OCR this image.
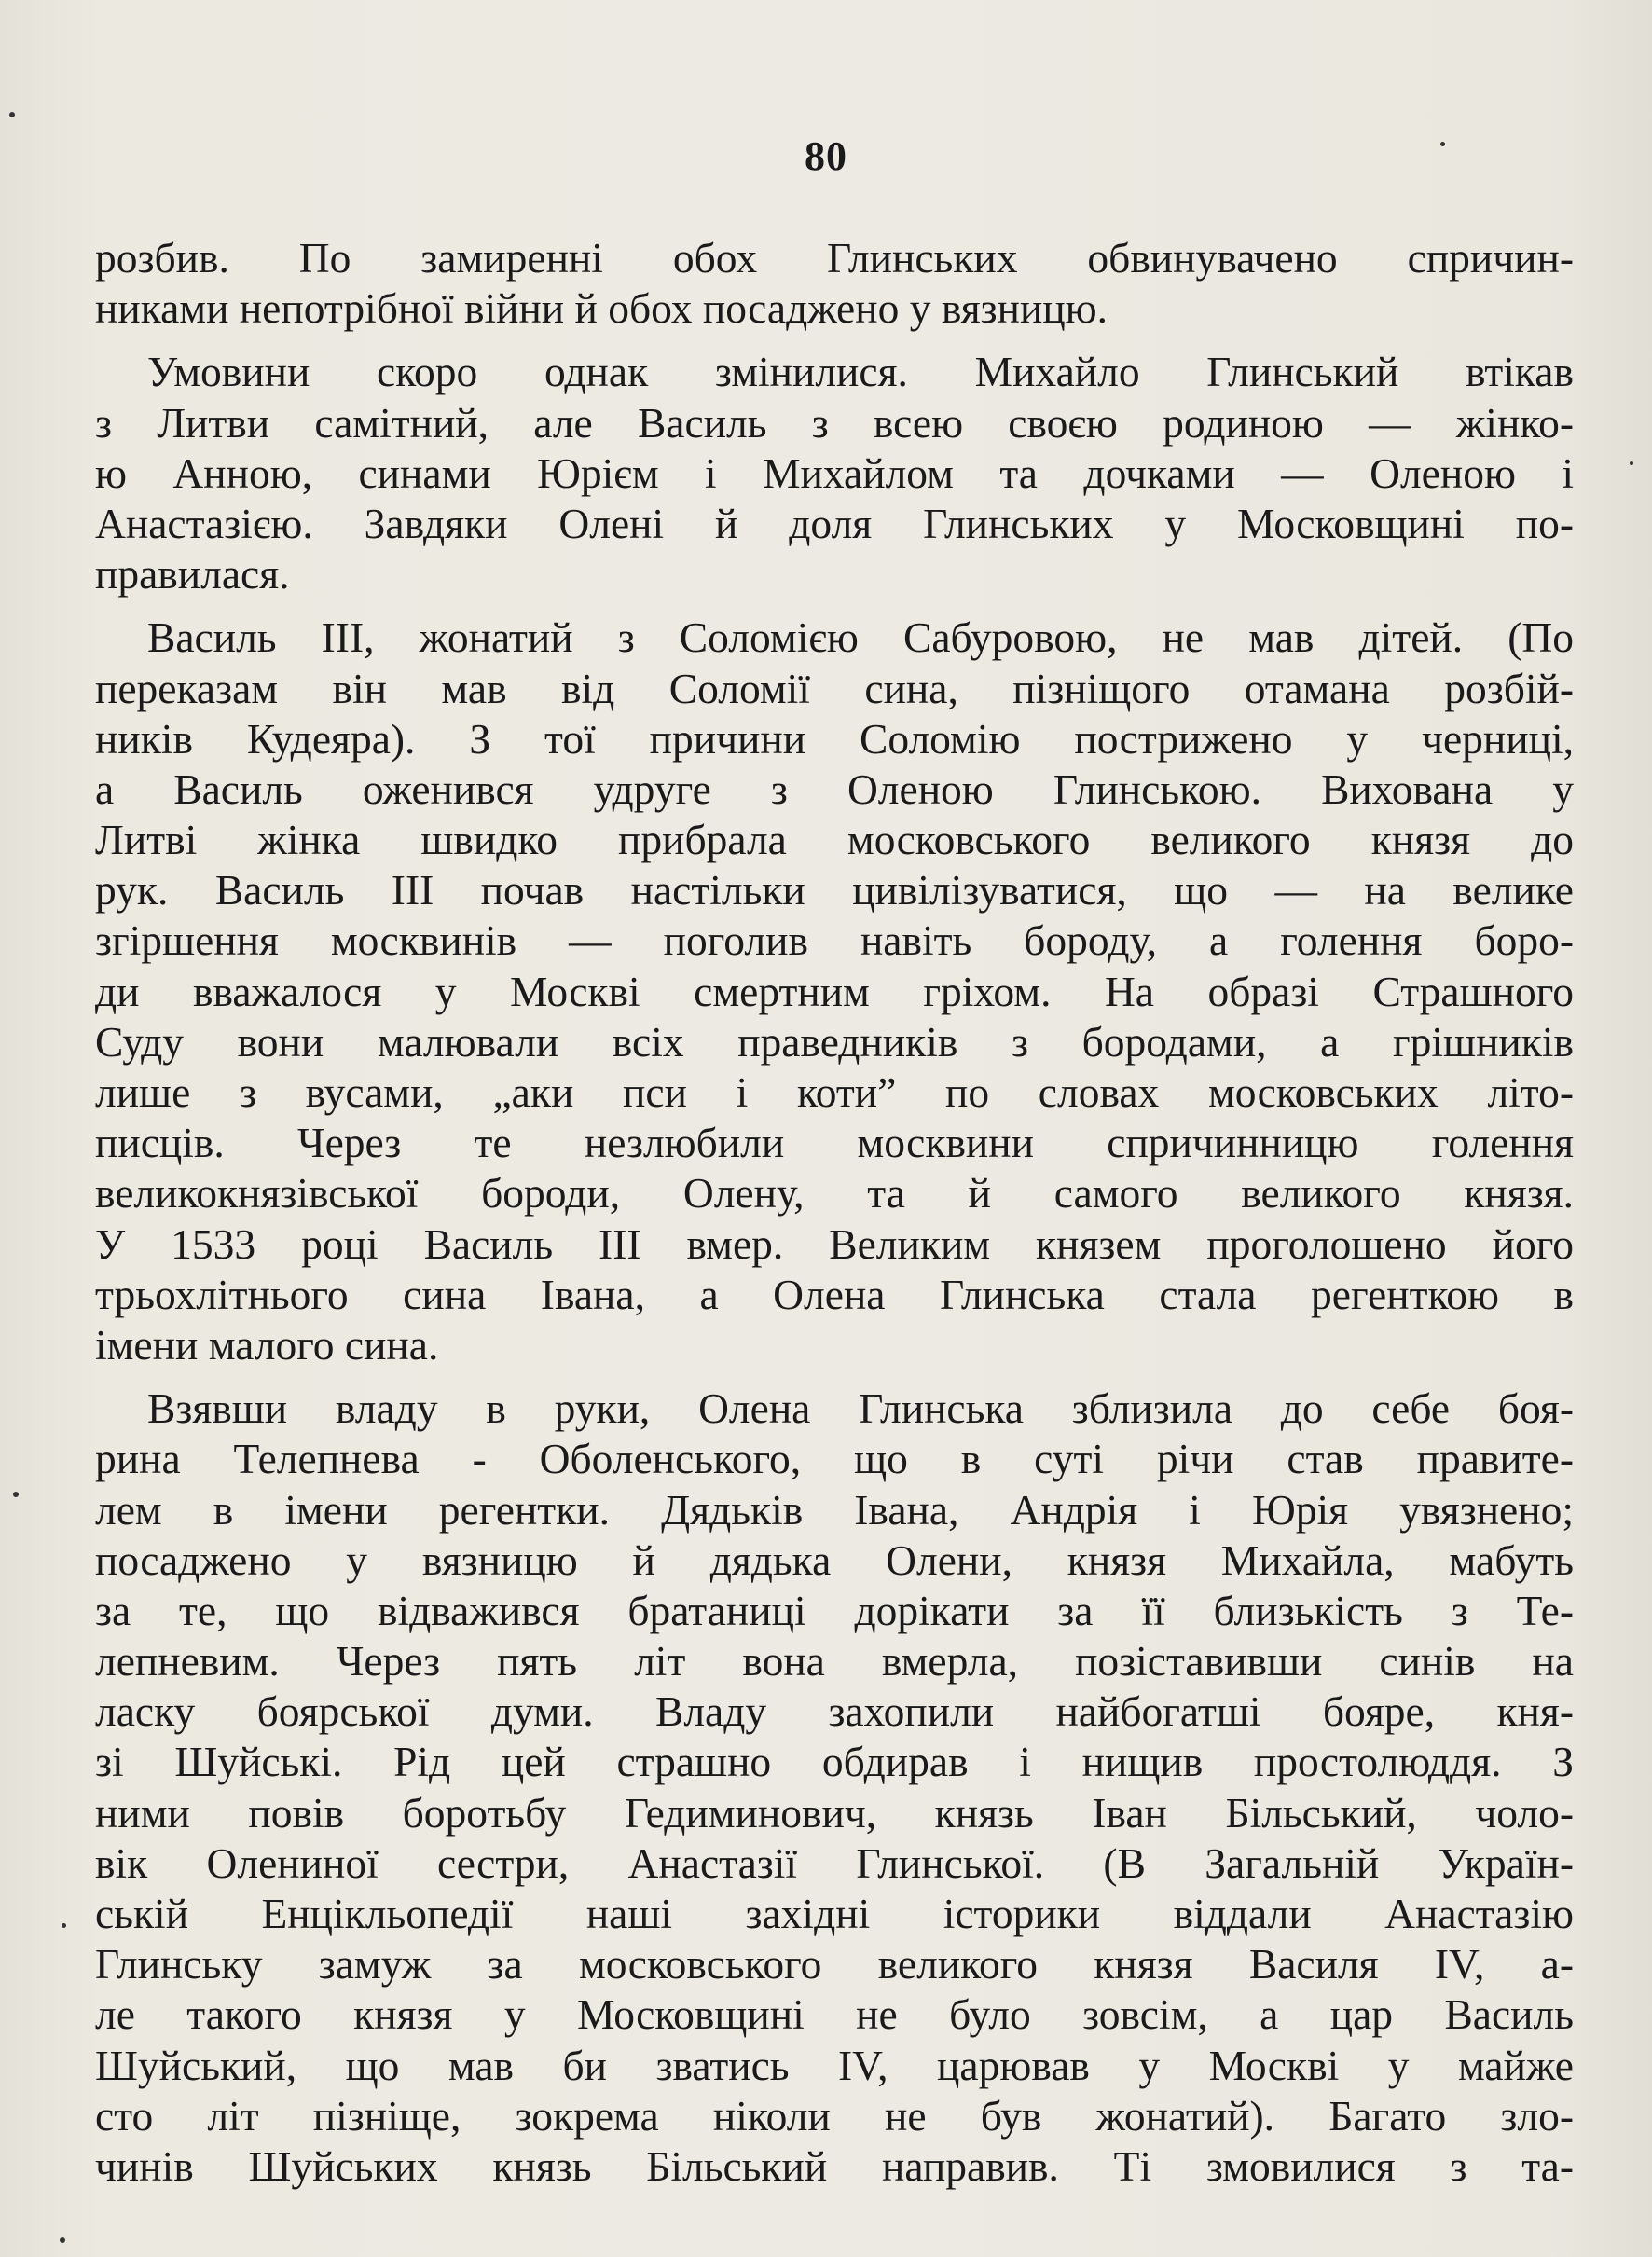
80
розбив. По замиренні обох Глинських обвинувачено спричин-
никами непотрібної війни й обох посаджено у вязницю.
Умовини скоро однак змінилися. Михайло Глинський втікав
з Литви самітний, але Василь з всею своєю родиною — жінко-
ю Анною, синами Юрієм і Михайлом та дочками — Оленою і
Анастазією. Завдяки Олені й доля Глинських у Московщині по-
правилася.
Василь III, жонатий з Соломією Сабуровою, не мав дітей. (По
переказам він мав від Соломії сина, пізніщого отамана розбій-
ників Кудеяра). З тої причини Соломію пострижено у черниці,
а Василь оженився удруге з Оленою Глинською. Вихована у
Литві жінка швидко прибрала московського великого князя до
рук. Василь III почав настільки цивілізуватися, що — на велике
згіршення москвинів — поголив навіть бороду, а голення боро-
ди вважалося у Москві смертним гріхом. На образі Страшного
Суду вони малювали всіх праведників з бородами, а грішників
лише з вусами, „аки пси і коти” по словах московських літо-
писців. Через те незлюбили москвини спричинницю голення
великокнязівської бороди, Олену, та й самого великого князя.
У 1533 році Василь III вмер. Великим князем проголошено його
трьохлітнього сина Івана, а Олена Глинська стала регенткою в
імени малого сина.
Взявши владу в руки, Олена Глинська зблизила до себе боя-
рина Телепнева - Оболенського, що в суті річи став правите-
лем в імени регентки. Дядьків Івана, Андрія і Юрія увязнено;
посаджено у вязницю й дядька Олени, князя Михайла, мабуть
за те, що відважився братаниці дорікати за її близькість з Те-
лепневим. Через пять літ вона вмерла, позіставивши синів на
ласку боярської думи. Владу захопили найбогатші бояре, кня-
зі Шуйські. Рід цей страшно обдирав і нищив простолюддя. З
ними повів боротьбу Гедиминович, князь Іван Більський, чоло-
вік Олениної сестри, Анастазії Глинської. (В Загальній Україн-
ській Енцікльопедії наші західні історики віддали Анастазію
Глинську замуж за московського великого князя Василя IV, а-
ле такого князя у Московщині не було зовсім, а цар Василь
Шуйський, що мав би зватись IV, царював у Москві у майже
сто літ пізніще, зокрема ніколи не був жонатий). Багато зло-
чинів Шуйських князь Більський направив. Ті змовилися з та-
